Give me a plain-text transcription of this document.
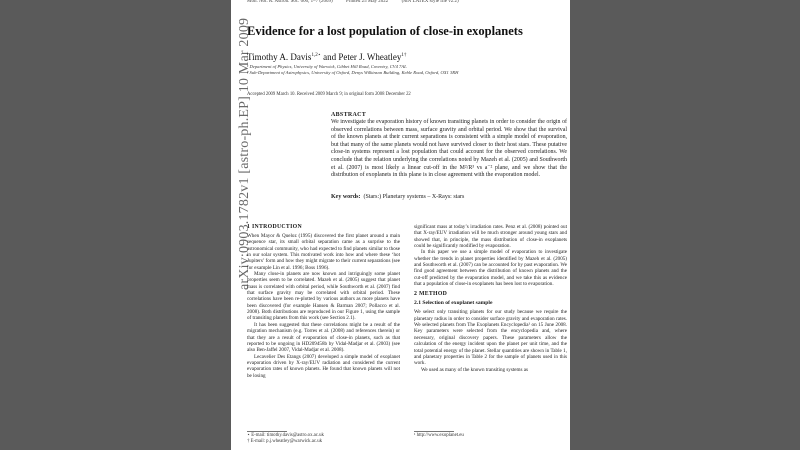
arXiv:0903.1782v1 [astro-ph.EP] 10 Mar 2009
Mon. Not. R. Astron. Soc. 000, 1–7 (2009)	Printed 25 May 2022	(MN LATEX style file v2.2)
Evidence for a lost population of close-in exoplanets
Timothy A. Davis$^{1,2⋆}$ and Peter J. Wheatley$^{1\dagger}$
¹ Department of Physics, University of Warwick, Gibbet Hill Road, Coventry, CV4 7AL
² Sub-Department of Astrophysics, University of Oxford, Denys Wilkinson Building, Keble Road, Oxford, OX1 3RH
Accepted 2009 March 10. Received 2009 March 9; in original form 2008 December 22
ABSTRACT

We investigate the evaporation history of known transiting planets in order to consider the origin of observed correlations between mass, surface gravity and orbital period. We show that the survival of the known planets at their current separations is consistent with a simple model of evaporation, but that many of the same planets would not have survived closer to their host stars. These putative close-in systems represent a lost population that could account for the observed correlations. We conclude that the relation underlying the correlations noted by Mazeh et al. (2005) and Southworth et al. (2007) is most likely a linear cut-off in the M²/R³ vs a⁻² plane, and we show that the distribution of exoplanets in this plane is in close agreement with the evaporation model.

Key words: (Stars:) Planetary systems – X-Rays: stars
1 INTRODUCTION

When Mayor & Queloz (1995) discovered the first planet around a main sequence star, its small orbital separation came as a surprise to the astronomical community, who had expected to find planets similar to those in our solar system. This motivated work into how and where these ‘hot Jupiters’ form and how they might migrate to their current separations (see for example Lin et al. 1996; Boss 1996).

Many close-in planets are now known and intriguingly some planet properties seem to be correlated. Mazeh et al. (2005) suggest that planet mass is correlated with orbital period, while Southworth et al. (2007) find that surface gravity may be correlated with orbital period. These correlations have been re-plotted by various authors as more planets have been discovered (for example Hansen & Barman 2007; Pollacco et al. 2008). Both distributions are reproduced in our Figure 1, using the sample of transiting planets from this work (see Section 2.1).

It has been suggested that these correlations might be a result of the migration mechanism (e.g. Torres et al. (2008) and references therein) or that they are a result of evaporation of close-in planets, such as that reported to be ongoing in HD209458b by Vidal-Madjar et al. (2003) (see also Ben-Jaffel 2007, Vidal-Madjar et al. 2008).

Lecavelier Des Etangs (2007) developed a simple model of exoplanet evaporation driven by X-ray/EUV radiation and considered the current evaporation rates of known planets. He found that known planets will not be losing

significant mass at today’s irradiation rates. Penz et al. (2008) pointed out that X-ray/EUV irradiation will be much stronger around young stars and showed that, in principle, the mass distribution of close-in exoplanets could be significantly modified by evaporation.

In this paper we use a simple model of evaporation to investigate whether the trends in planet properties identified by Mazeh et al. (2005) and Southworth et al. (2007) can be accounted for by past evaporation. We find good agreement between the distribution of known planets and the cut-off predicted by the evaporation model, and we take this as evidence that a population of close-in exoplanets has been lost to evaporation.

2 METHOD
2.1 Selection of exoplanet sample

We select only transiting planets for our study because we require the planetary radius in order to consider surface gravity and evaporation rates. We selected planets from The Exoplanets Encyclopedia¹ on 15 June 2008. Key parameters were selected from the encyclopedia and, where necessary, original discovery papers. These parameters allow the calculation of the energy incident upon the planet per unit time, and the total potential energy of the planet. Stellar quantities are shown in Table 1, and planetary properties in Table 2 for the sample of planets used in this work.

We used as many of the known transiting systems as

⋆ E-mail: timothy.davis@astro.ox.ac.uk
† E-mail: p.j.wheatley@warwick.ac.uk
¹ http://www.exoplanet.eu
